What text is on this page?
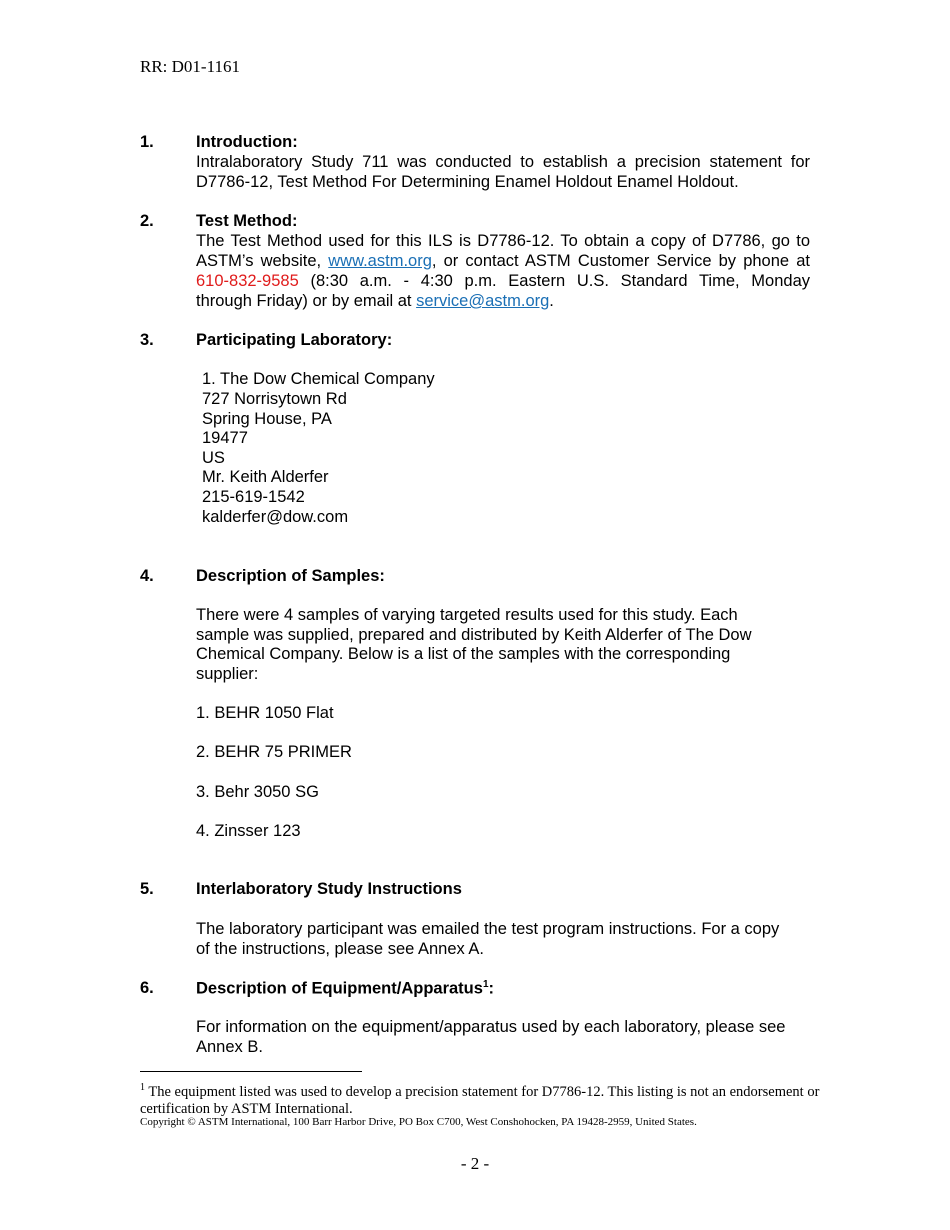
RR: D01-1161
1.	Introduction:
Intralaboratory Study 711 was conducted to establish a precision statement for
D7786-12, Test Method For Determining Enamel Holdout Enamel Holdout.
2.	Test Method:
The Test Method used for this ILS is D7786-12. To obtain a copy of D7786, go to
ASTM’s website, www.astm.org, or contact ASTM Customer Service by phone at
610-832-9585 (8:30 a.m. - 4:30 p.m. Eastern U.S. Standard Time, Monday
through Friday) or by email at service@astm.org.
3.	Participating Laboratory:
1. The Dow Chemical Company
727 Norrisytown Rd
Spring House, PA
19477
US
Mr. Keith Alderfer
215-619-1542
kalderfer@dow.com
4.	Description of Samples:
There were 4 samples of varying targeted results used for this study. Each
sample was supplied, prepared and distributed by Keith Alderfer of The Dow
Chemical Company. Below is a list of the samples with the corresponding
supplier:
1. BEHR 1050 Flat
2. BEHR 75 PRIMER
3. Behr 3050 SG
4. Zinsser 123
5.	Interlaboratory Study Instructions
The laboratory participant was emailed the test program instructions. For a copy
of the instructions, please see Annex A.
6.	Description of Equipment/Apparatus$^1$:
For information on the equipment/apparatus used by each laboratory, please see
Annex B.
$^1$ The equipment listed was used to develop a precision statement for D7786-12. This listing is not an endorsement or certification by ASTM International.
Copyright © ASTM International, 100 Barr Harbor Drive, PO Box C700, West Conshohocken, PA 19428-2959, United States.
- 2 -
